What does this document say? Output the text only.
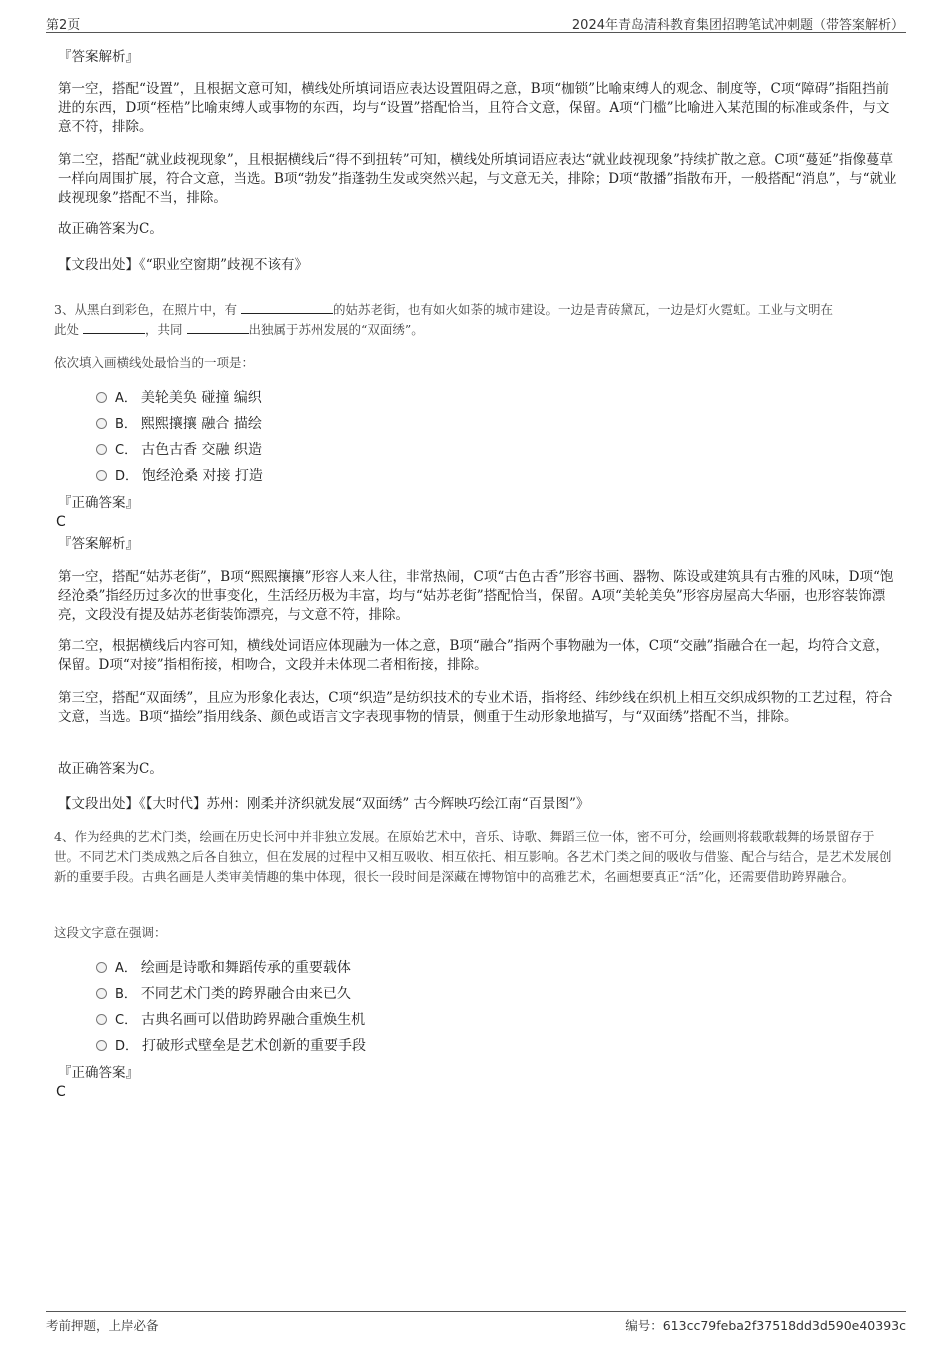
第2页	2024年青岛清科教育集团招聘笔试冲刺题（带答案解析）
『答案解析』
第一空，搭配“设置”，且根据文意可知，横线处所填词语应表达设置阻碍之意，B项“枷锁”比喻束缚人的观念、制度等，C项“障碍”指阻挡前进的东西，D项“桎梏”比喻束缚人或事物的东西，均与“设置”搭配恰当，且符合文意，保留。A项“门槛”比喻进入某范围的标准或条件，与文意不符，排除。
第二空，搭配“就业歧视现象”，且根据横线后“得不到扭转”可知，横线处所填词语应表达“就业歧视现象”持续扩散之意。C项“蔓延”指像蔓草一样向周围扩展，符合文意，当选。B项“勃发”指蓬勃生发或突然兴起，与文意无关，排除；D项“散播”指散布开，一般搭配“消息”，与“就业歧视现象”搭配不当，排除。
故正确答案为C。
【文段出处】《“职业空窗期”歧视不该有》
3、从黑白到彩色，在照片中，有	的姑苏老街，也有如火如荼的城市建设。一边是青砖黛瓦，一边是灯火霓虹。工业与文明在
此处	，共同	出独属于苏州发展的“双面绣”。
依次填入画横线处最恰当的一项是：
A． 美轮美奂 碰撞 编织
B． 熙熙攘攘 融合 描绘
C． 古色古香 交融 织造
D． 饱经沧桑 对接 打造
『正确答案』
C
『答案解析』
第一空，搭配“姑苏老街”，B项“熙熙攘攘”形容人来人往，非常热闹，C项“古色古香”形容书画、器物、陈设或建筑具有古雅的风味，D项“饱经沧桑”指经历过多次的世事变化，生活经历极为丰富，均与“姑苏老街”搭配恰当，保留。A项“美轮美奂”形容房屋高大华丽，也形容装饰漂亮，文段没有提及姑苏老街装饰漂亮，与文意不符，排除。
第二空，根据横线后内容可知，横线处词语应体现融为一体之意，B项“融合”指两个事物融为一体，C项“交融”指融合在一起，均符合文意，保留。D项“对接”指相衔接，相吻合，文段并未体现二者相衔接，排除。
第三空，搭配“双面绣”，且应为形象化表达，C项“织造”是纺织技术的专业术语，指将经、纬纱线在织机上相互交织成织物的工艺过程，符合文意，当选。B项“描绘”指用线条、颜色或语言文字表现事物的情景，侧重于生动形象地描写，与“双面绣”搭配不当，排除。
故正确答案为C。
【文段出处】《【大时代】苏州：刚柔并济织就发展“双面绣” 古今辉映巧绘江南“百景图”》
4、作为经典的艺术门类，绘画在历史长河中并非独立发展。在原始艺术中，音乐、诗歌、舞蹈三位一体，密不可分，绘画则将载歌载舞的场景留存于世。不同艺术门类成熟之后各自独立，但在发展的过程中又相互吸收、相互依托、相互影响。各艺术门类之间的吸收与借鉴、配合与结合，是艺术发展创新的重要手段。古典名画是人类审美情趣的集中体现，很长一段时间是深藏在博物馆中的高雅艺术，名画想要真正“活”化，还需要借助跨界融合。
这段文字意在强调：
A． 绘画是诗歌和舞蹈传承的重要载体
B． 不同艺术门类的跨界融合由来已久
C． 古典名画可以借助跨界融合重焕生机
D． 打破形式壁垒是艺术创新的重要手段
『正确答案』
C
考前押题，上岸必备	编号：613cc79feba2f37518dd3d590e40393c
